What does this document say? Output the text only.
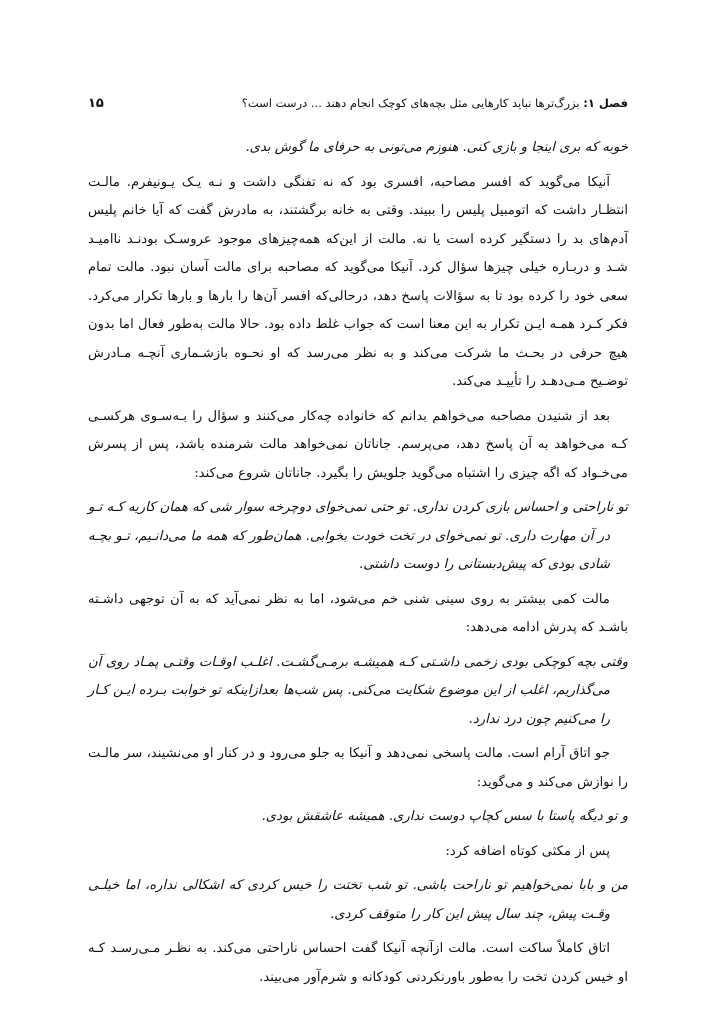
فصل ۱: بزرگ‌ترها نباید کارهایی مثل بچه‌های کوچک انجام دهند ... درست است؟
۱۵

خوبه که بری اینجا و بازی کنی. هنوزم می‌تونی به حرفای ما گوش بدی.

آنیکا می‌گوید که افسر مصاحبه، افسری بود که نه تفنگی داشت و نـه یـک یـونیفرم. مالـت انتظـار داشت که اتومبیل پلیس را ببیند. وقتی به خانه برگشتند، به مادرش گفت که آیا خانم پلیس آدم‌های بد را دستگیر کرده است یا نه. مالت از این‌که همه‌چیزهای موجود عروسـک بودنـد ناامیـد شـد و دربـاره خیلی چیزها سؤال کرد. آنیکا می‌گوید که مصاحبه برای مالت آسان نبود. مالت تمام سعی خود را کرده بود تا به سؤالات پاسخ دهد، درحالی‌که افسر آن‌ها را بارها و بارها تکرار می‌کرد. فکر کـرد همـه ایـن تکرار به این معنا است که جواب غلط داده بود. حالا مالت به‌طور فعال اما بدون هیچ حرفی در بحـث ما شرکت می‌کند و به نظر می‌رسد که او نحـوه بازشـماری آنچـه مـادرش توضـیح مـی‌دهـد را تأییـد می‌کند.

بعد از شنیدن مصاحبه می‌خواهم بدانم که خانواده چه‌کار می‌کنند و سؤال را بـه‌سـوی هرکسـی کـه می‌خواهد به آن پاسخ دهد، می‌پرسم. جاناتان نمی‌خواهد مالت شرمنده باشد، پس از پسرش می‌خـواد که اگه چیزی را اشتباه می‌گوید جلویش را بگیرد. جاناتان شروع می‌کند:

تو ناراحتی و احساس بازی کردن نداری. تو حتی نمی‌خوای دوچرخه سوار شی که همان کاریه کـه تـو در آن مهارت داری. تو نمی‌خوای در تخت خودت بخوابی. همان‌طور که همه ما می‌دانـیم، تـو بچـه شادی بودی که پیش‌دبستانی را دوست داشتی.

مالت کمی بیشتر به روی سینی شنی خم می‌شود، اما به نظر نمی‌آید که به آن توجهی داشـته باشـد که پدرش ادامه می‌دهد:

وقتی بچه کوچکی بودی زخمی داشـتی کـه همیشـه برمـی‌گشـت. اغلـب اوقـات وقتـی پمـاد روی آن می‌گذاریم، اغلب از این موضوع شکایت می‌کنی. پس شب‌ها بعدازاینکه تو خوابت بـرده ایـن کـار را می‌کنیم چون درد ندارد.

جو اتاق آرام است. مالت پاسخی نمی‌دهد و آنیکا به جلو می‌رود و در کنار او می‌نشیند، سر مالـت را نوازش می‌کند و می‌گوید:

و تو دیگه پاستا با سس کچاپ دوست نداری. همیشه عاشقش بودی.

پس از مکثی کوتاه اضافه کرد:

من و بابا نمی‌خواهیم تو ناراحت باشی. تو شب تختت را خیس کردی که اشکالی نداره، اما خیلـی وقـت پیش، چند سال پیش این کار را متوقف کردی.

اتاق کاملاً ساکت است. مالت ازآنچه آنیکا گفت احساس ناراحتی می‌کند. به نظـر مـی‌رسـد کـه او خیس کردن تخت را به‌طور باورنکردنی کودکانه و شرم‌آور می‌بیند.
